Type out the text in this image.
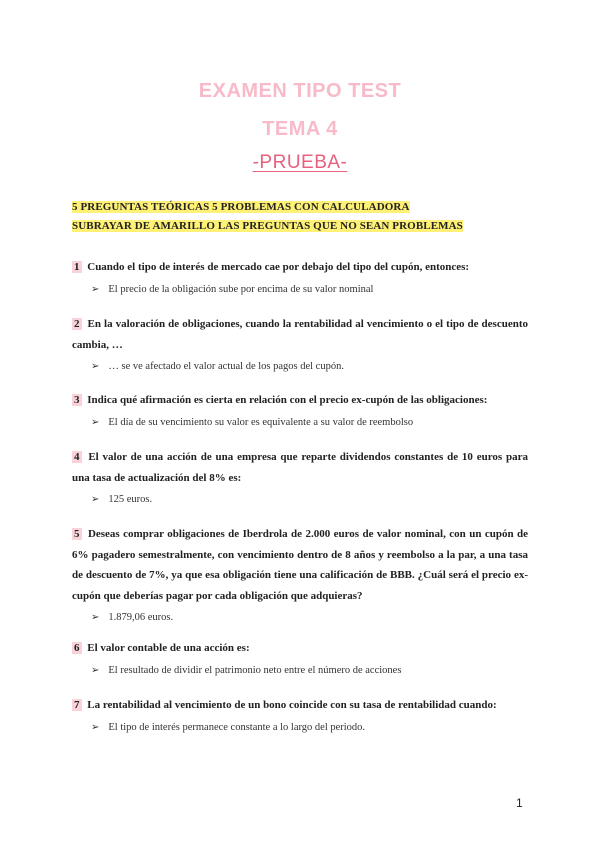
EXAMEN TIPO TEST
TEMA 4
-PRUEBA-
5 PREGUNTAS TEÓRICAS 5 PROBLEMAS CON CALCULADORA
SUBRAYAR DE AMARILLO LAS PREGUNTAS QUE NO SEAN PROBLEMAS
1 Cuando el tipo de interés de mercado cae por debajo del tipo del cupón, entonces:
➢ El precio de la obligación sube por encima de su valor nominal
2 En la valoración de obligaciones, cuando la rentabilidad al vencimiento o el tipo de descuento cambia, …
➢ … se ve afectado el valor actual de los pagos del cupón.
3 Indica qué afirmación es cierta en relación con el precio ex-cupón de las obligaciones:
➢ El día de su vencimiento su valor es equivalente a su valor de reembolso
4 El valor de una acción de una empresa que reparte dividendos constantes de 10 euros para una tasa de actualización del 8% es:
➢ 125 euros.
5 Deseas comprar obligaciones de Iberdrola de 2.000 euros de valor nominal, con un cupón de 6% pagadero semestralmente, con vencimiento dentro de 8 años y reembolso a la par, a una tasa de descuento de 7%, ya que esa obligación tiene una calificación de BBB. ¿Cuál será el precio ex-cupón que deberías pagar por cada obligación que adquieras?
➢ 1.879,06 euros.
6 El valor contable de una acción es:
➢ El resultado de dividir el patrimonio neto entre el número de acciones
7 La rentabilidad al vencimiento de un bono coincide con su tasa de rentabilidad cuando:
➢ El tipo de interés permanece constante a lo largo del periodo.
1
